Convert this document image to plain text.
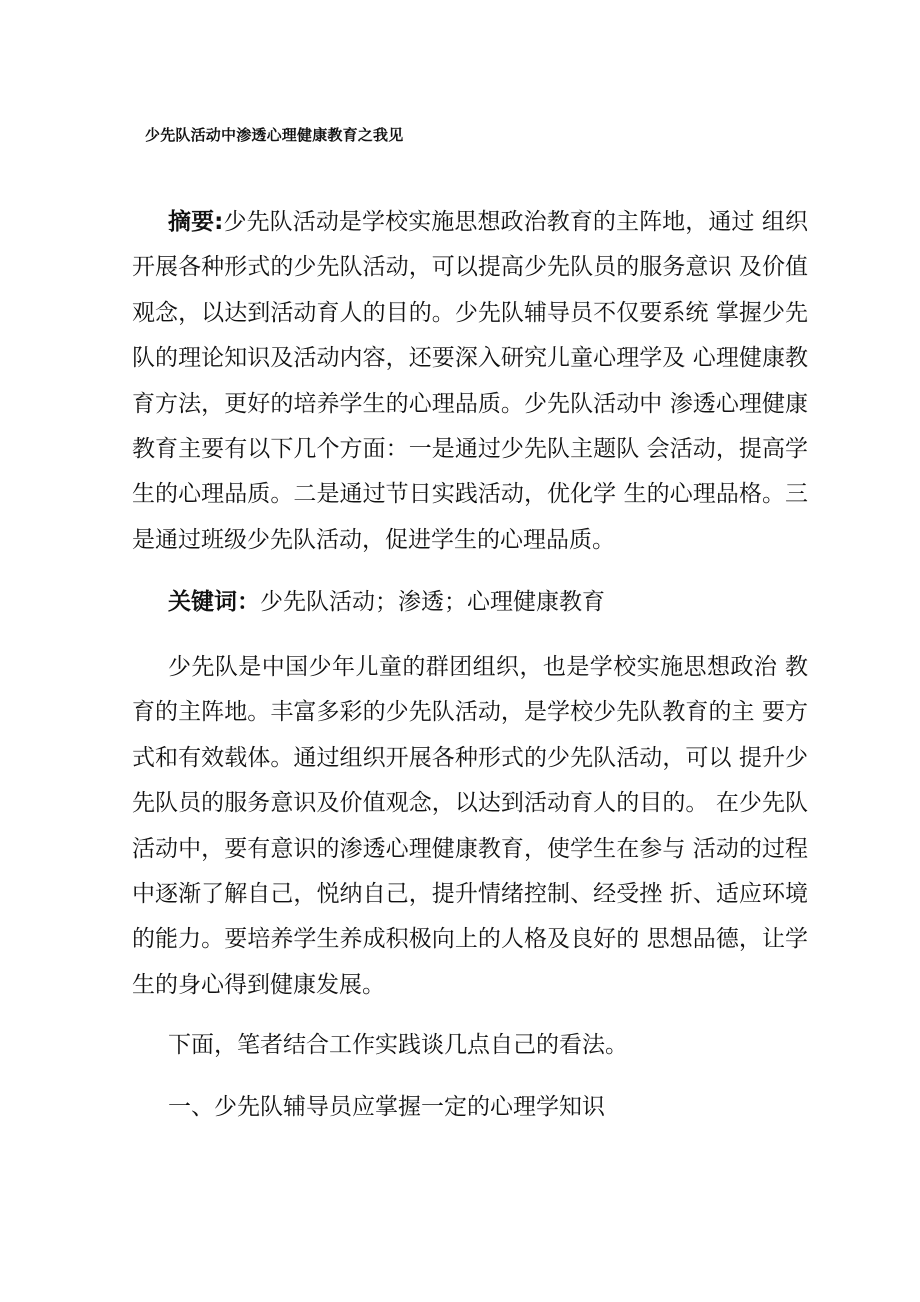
少先队活动中渗透心理健康教育之我见
摘要:少先队活动是学校实施思想政治教育的主阵地，通过 组织开展各种形式的少先队活动，可以提高少先队员的服务意识 及价值观念，以达到活动育人的目的。少先队辅导员不仅要系统 掌握少先队的理论知识及活动内容，还要深入研究儿童心理学及 心理健康教育方法，更好的培养学生的心理品质。少先队活动中 渗透心理健康教育主要有以下几个方面：一是通过少先队主题队 会活动，提高学生的心理品质。二是通过节日实践活动，优化学 生的心理品格。三是通过班级少先队活动，促进学生的心理品质。
关键词：少先队活动；渗透；心理健康教育
少先队是中国少年儿童的群团组织，也是学校实施思想政治 教育的主阵地。丰富多彩的少先队活动，是学校少先队教育的主 要方式和有效载体。通过组织开展各种形式的少先队活动，可以 提升少先队员的服务意识及价值观念，以达到活动育人的目的。 在少先队活动中，要有意识的渗透心理健康教育，使学生在参与 活动的过程中逐渐了解自己，悦纳自己，提升情绪控制、经受挫 折、适应环境的能力。要培养学生养成积极向上的人格及良好的 思想品德，让学生的身心得到健康发展。
下面，笔者结合工作实践谈几点自己的看法。
一、少先队辅导员应掌握一定的心理学知识
